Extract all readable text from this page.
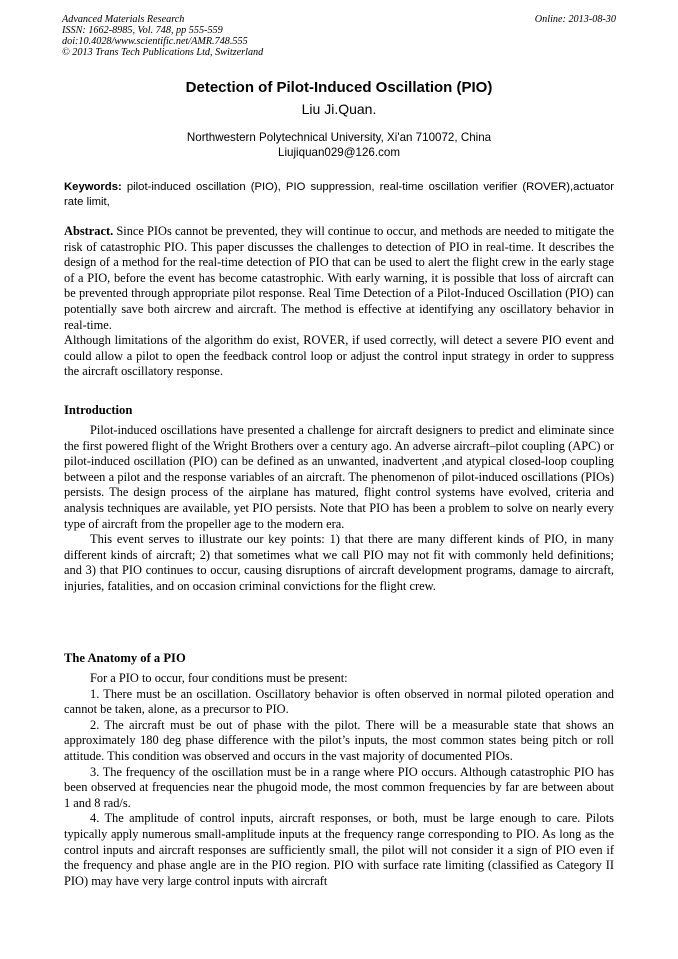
Advanced Materials Research
ISSN: 1662-8985, Vol. 748, pp 555-559
doi:10.4028/www.scientific.net/AMR.748.555
© 2013 Trans Tech Publications Ltd, Switzerland
Online: 2013-08-30
Detection of Pilot-Induced Oscillation (PIO)
Liu Ji.Quan.
Northwestern Polytechnical University, Xi'an 710072, China
Liujiquan029@126.com
Keywords: pilot-induced oscillation (PIO), PIO suppression, real-time oscillation verifier (ROVER),actuator rate limit,

Abstract. Since PIOs cannot be prevented, they will continue to occur, and methods are needed to mitigate the risk of catastrophic PIO. This paper discusses the challenges to detection of PIO in real-time. It describes the design of a method for the real-time detection of PIO that can be used to alert the flight crew in the early stage of a PIO, before the event has become catastrophic. With early warning, it is possible that loss of aircraft can be prevented through appropriate pilot response. Real Time Detection of a Pilot-Induced Oscillation (PIO) can potentially save both aircrew and aircraft. The method is effective at identifying any oscillatory behavior in real-time.

Although limitations of the algorithm do exist, ROVER, if used correctly, will detect a severe PIO event and could allow a pilot to open the feedback control loop or adjust the control input strategy in order to suppress the aircraft oscillatory response.

Introduction

Pilot-induced oscillations have presented a challenge for aircraft designers to predict and eliminate since the first powered flight of the Wright Brothers over a century ago. An adverse aircraft–pilot coupling (APC) or pilot-induced oscillation (PIO) can be defined as an unwanted, inadvertent ,and atypical closed-loop coupling between a pilot and the response variables of an aircraft. The phenomenon of pilot-induced oscillations (PIOs) persists. The design process of the airplane has matured, flight control systems have evolved, criteria and analysis techniques are available, yet PIO persists. Note that PIO has been a problem to solve on nearly every type of aircraft from the propeller age to the modern era.

This event serves to illustrate our key points: 1) that there are many different kinds of PIO, in many different kinds of aircraft; 2) that sometimes what we call PIO may not fit with commonly held definitions; and 3) that PIO continues to occur, causing disruptions of aircraft development programs, damage to aircraft, injuries, fatalities, and on occasion criminal convictions for the flight crew.

The Anatomy of a PIO

For a PIO to occur, four conditions must be present:

1. There must be an oscillation. Oscillatory behavior is often observed in normal piloted operation and cannot be taken, alone, as a precursor to PIO.

2. The aircraft must be out of phase with the pilot. There will be a measurable state that shows an approximately 180 deg phase difference with the pilot’s inputs, the most common states being pitch or roll attitude. This condition was observed and occurs in the vast majority of documented PIOs.

3. The frequency of the oscillation must be in a range where PIO occurs. Although catastrophic PIO has been observed at frequencies near the phugoid mode, the most common frequencies by far are between about 1 and 8 rad/s.

4. The amplitude of control inputs, aircraft responses, or both, must be large enough to care. Pilots typically apply numerous small-amplitude inputs at the frequency range corresponding to PIO. As long as the control inputs and aircraft responses are sufficiently small, the pilot will not consider it a sign of PIO even if the frequency and phase angle are in the PIO region. PIO with surface rate limiting (classified as Category II PIO) may have very large control inputs with aircraft
